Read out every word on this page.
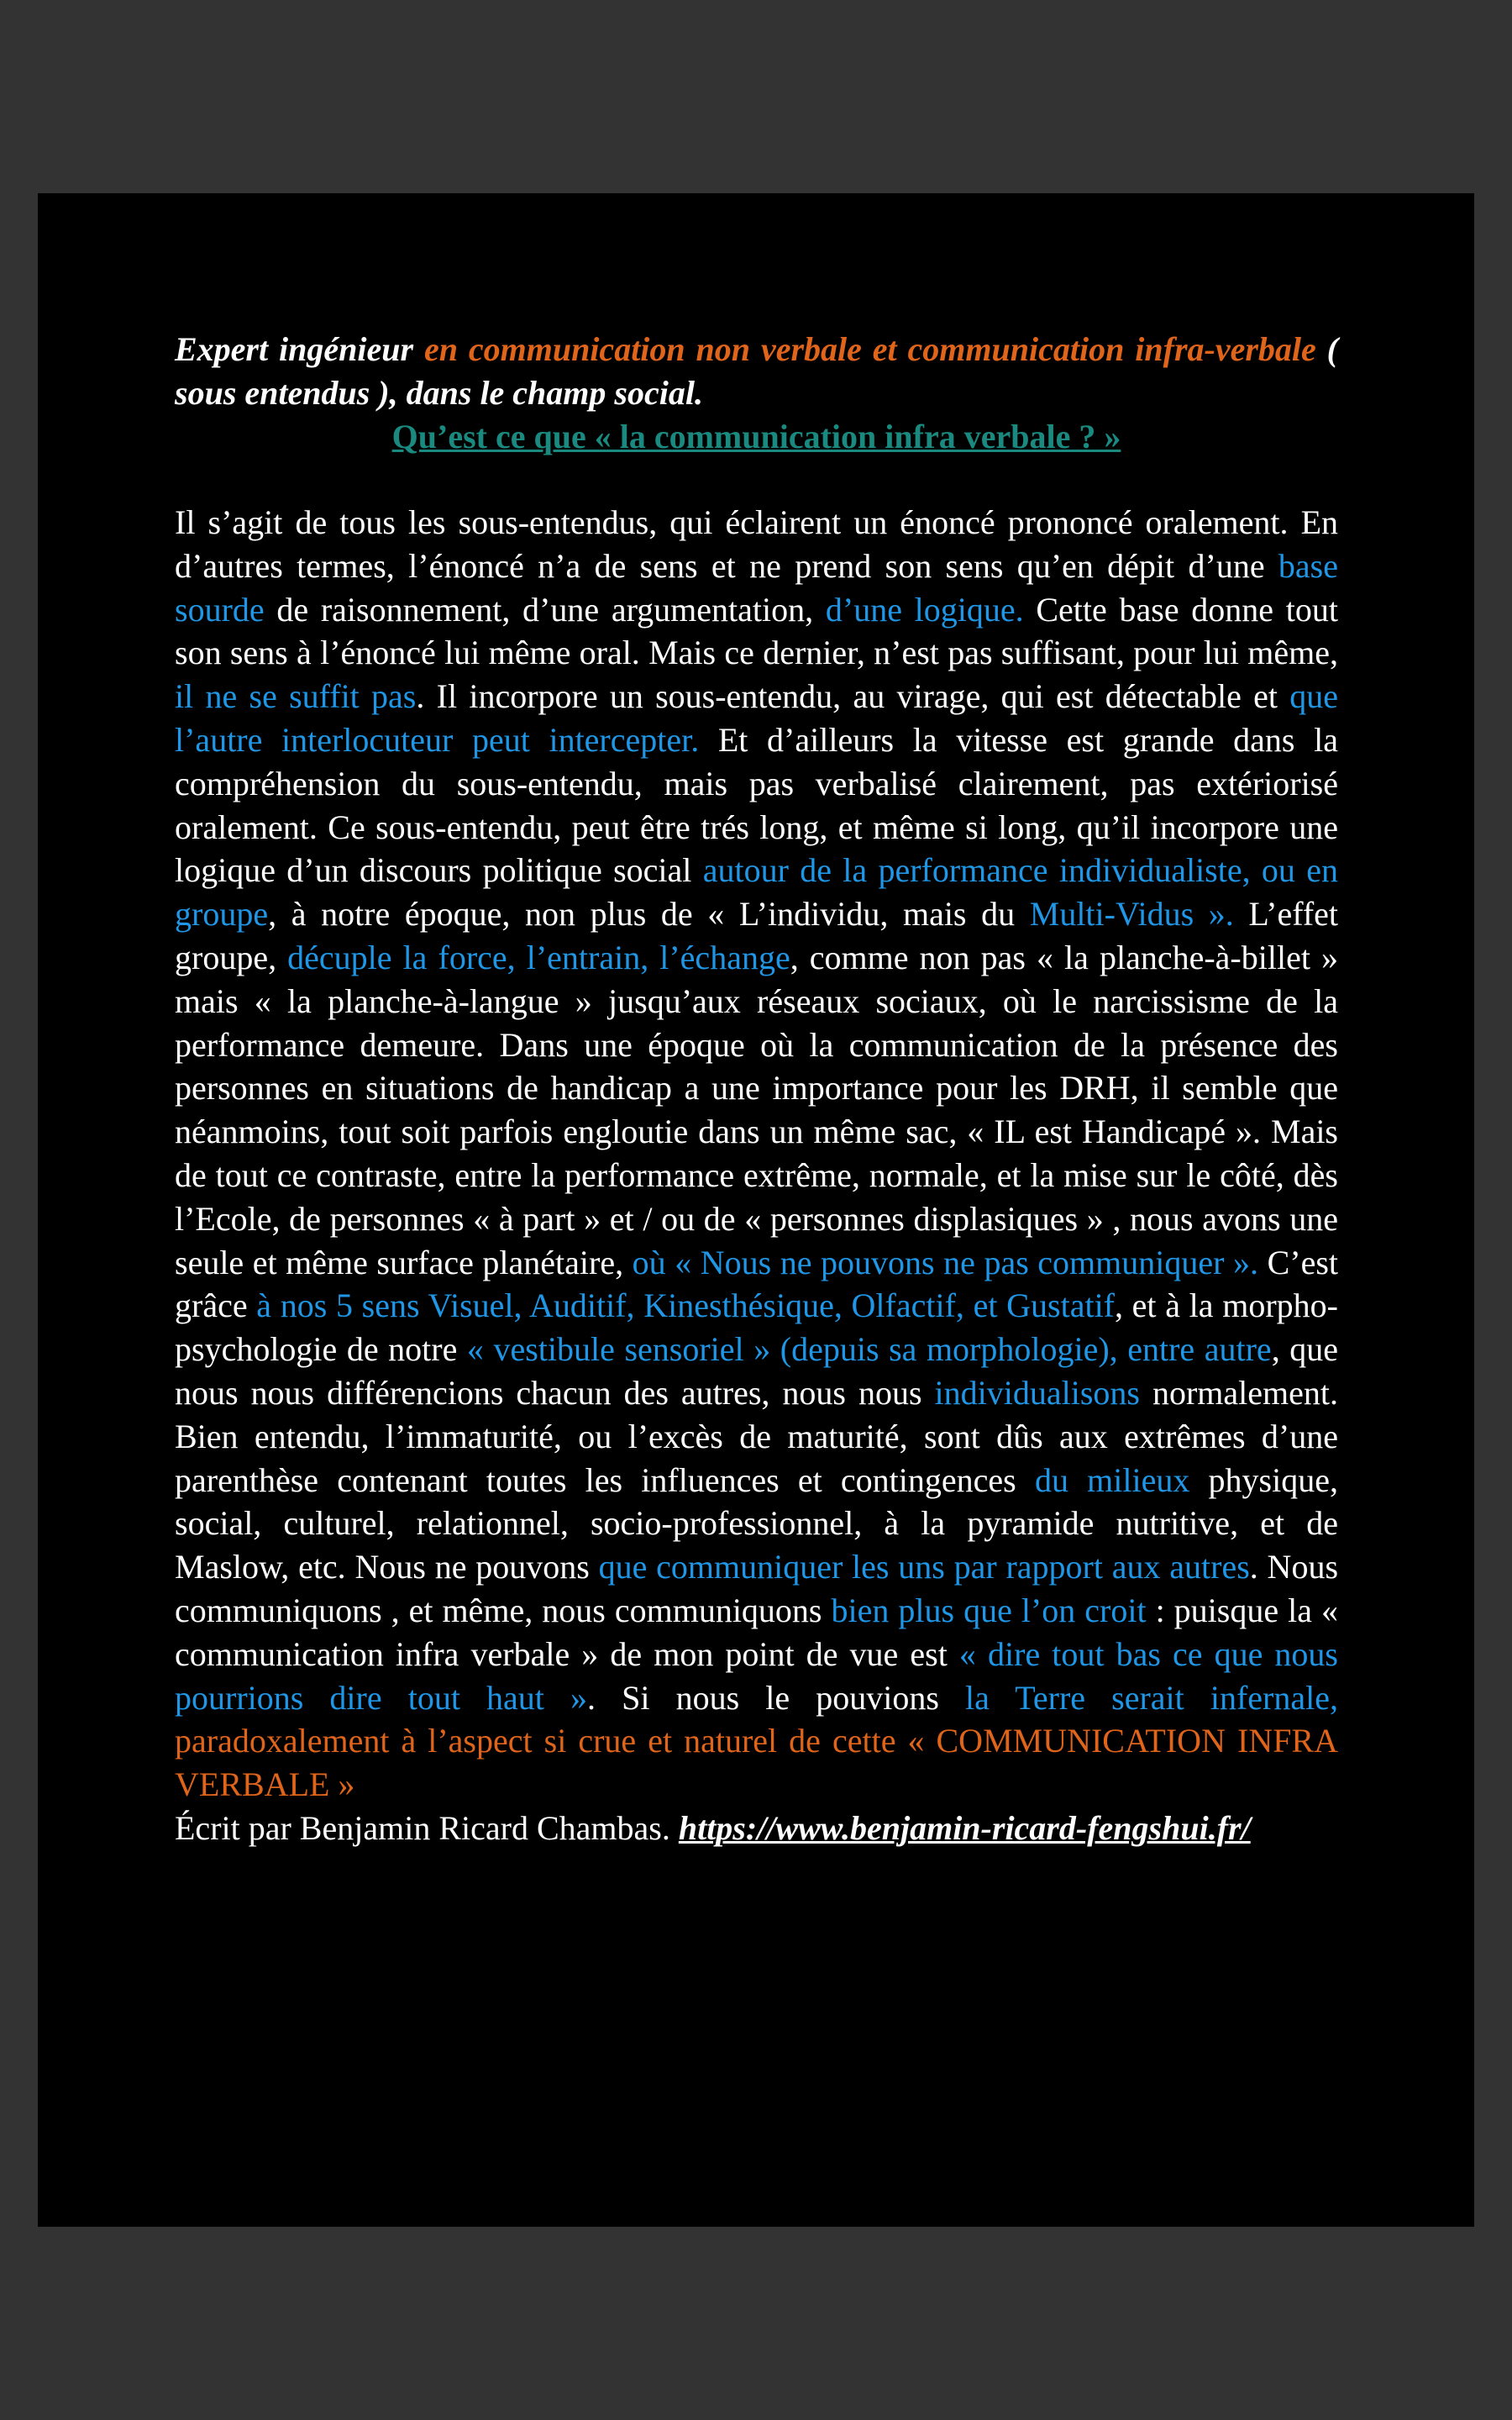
Expert ingénieur en communication non verbale et communication infra-verbale ( sous entendus ), dans le champ social.

Qu’est ce que « la communication infra verbale ? »

Il s’agit de tous les sous-entendus, qui éclairent un énoncé prononcé oralement. En d’autres termes, l’énoncé n’a de sens et ne prend son sens qu’en dépit d’une base sourde de raisonnement, d’une argumentation, d’une logique. Cette base donne tout son sens à l’énoncé lui même oral. Mais ce dernier, n’est pas suffisant, pour lui même, il ne se suffit pas. Il incorpore un sous-entendu, au virage, qui est détectable et que l’autre interlocuteur peut intercepter. Et d’ailleurs la vitesse est grande dans la compréhension du sous-entendu, mais pas verbalisé clairement, pas extériorisé oralement. Ce sous-entendu, peut être trés long, et même si long, qu’il incorpore une logique d’un discours politique social autour de la performance individualiste, ou en groupe, à notre époque, non plus de « L’individu, mais du Multi-Vidus ». L’effet groupe, décuple la force, l’entrain, l’échange, comme non pas « la planche-à-billet » mais « la planche-à-langue » jusqu’aux réseaux sociaux, où le narcissisme de la performance demeure. Dans une époque où la communication de la présence des personnes en situations de handicap a une importance pour les DRH, il semble que néanmoins, tout soit parfois engloutie dans un même sac, « IL est Handicapé ». Mais de tout ce contraste, entre la performance extrême, normale, et la mise sur le côté, dès l’Ecole, de personnes « à part » et / ou de « personnes displasiques » , nous avons une seule et même surface planétaire, où « Nous ne pouvons ne pas communiquer ». C’est grâce à nos 5 sens Visuel, Auditif, Kinesthésique, Olfactif, et Gustatif, et à la morpho-psychologie de notre « vestibule sensoriel » (depuis sa morphologie), entre autre, que nous nous différencions chacun des autres, nous nous individualisons normalement. Bien entendu, l’immaturité, ou l’excès de maturité, sont dûs aux extrêmes d’une parenthèse contenant toutes les influences et contingences du milieux physique, social, culturel, relationnel, socio-professionnel, à la pyramide nutritive, et de Maslow, etc. Nous ne pouvons que communiquer les uns par rapport aux autres. Nous communiquons , et même, nous communiquons bien plus que l’on croit : puisque la « communication infra verbale » de mon point de vue est « dire tout bas ce que nous pourrions dire tout haut ». Si nous le pouvions la Terre serait infernale, paradoxalement à l’aspect si crue et naturel de cette « COMMUNICATION INFRA VERBALE »

Écrit par Benjamin Ricard Chambas. https://www.benjamin-ricard-fengshui.fr/
